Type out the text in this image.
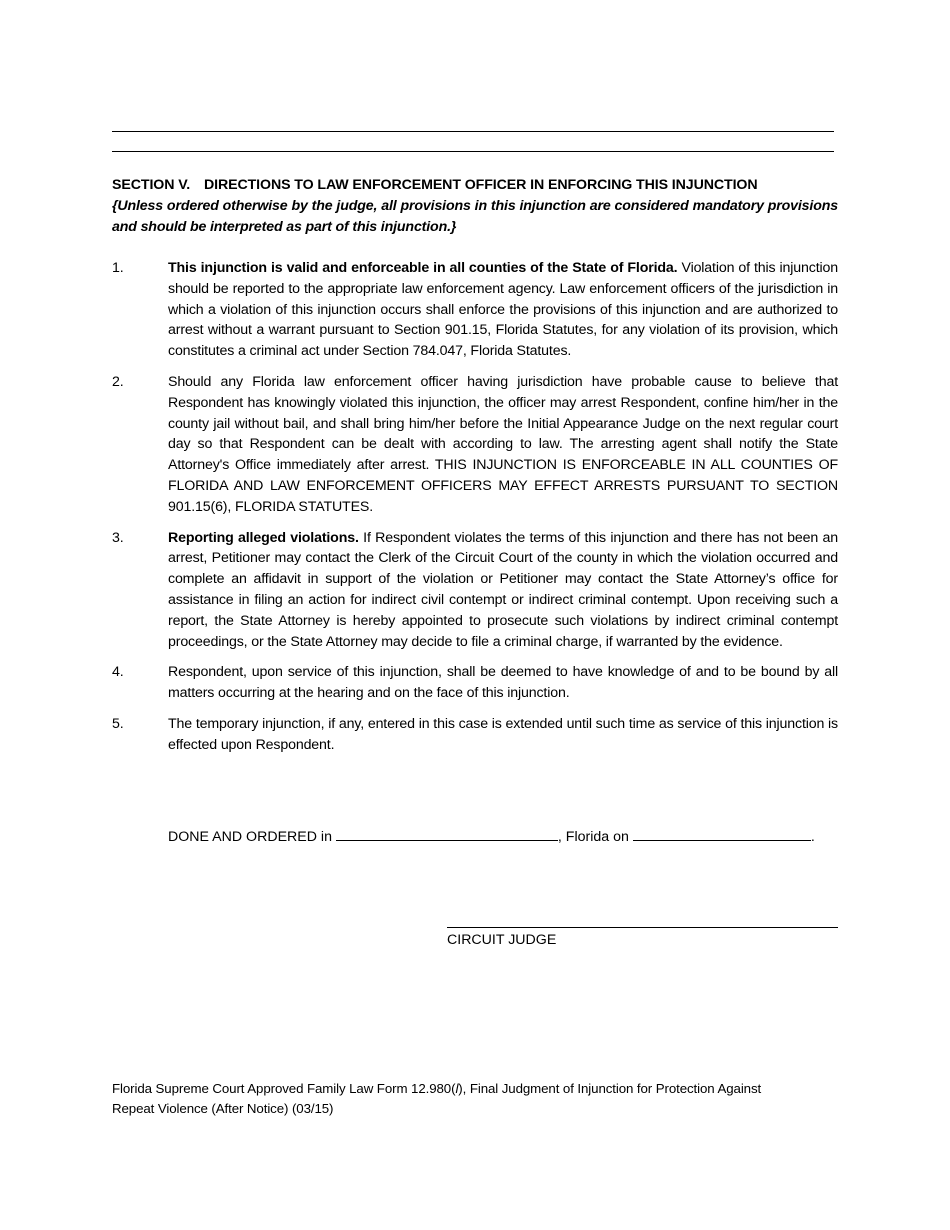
SECTION V. DIRECTIONS TO LAW ENFORCEMENT OFFICER IN ENFORCING THIS INJUNCTION
{Unless ordered otherwise by the judge, all provisions in this injunction are considered mandatory provisions and should be interpreted as part of this injunction.}
1.	This injunction is valid and enforceable in all counties of the State of Florida. Violation of this injunction should be reported to the appropriate law enforcement agency. Law enforcement officers of the jurisdiction in which a violation of this injunction occurs shall enforce the provisions of this injunction and are authorized to arrest without a warrant pursuant to Section 901.15, Florida Statutes, for any violation of its provision, which constitutes a criminal act under Section 784.047, Florida Statutes.
2.	Should any Florida law enforcement officer having jurisdiction have probable cause to believe that Respondent has knowingly violated this injunction, the officer may arrest Respondent, confine him/her in the county jail without bail, and shall bring him/her before the Initial Appearance Judge on the next regular court day so that Respondent can be dealt with according to law. The arresting agent shall notify the State Attorney's Office immediately after arrest. THIS INJUNCTION IS ENFORCEABLE IN ALL COUNTIES OF FLORIDA AND LAW ENFORCEMENT OFFICERS MAY EFFECT ARRESTS PURSUANT TO SECTION 901.15(6), FLORIDA STATUTES.
3.	Reporting alleged violations. If Respondent violates the terms of this injunction and there has not been an arrest, Petitioner may contact the Clerk of the Circuit Court of the county in which the violation occurred and complete an affidavit in support of the violation or Petitioner may contact the State Attorney’s office for assistance in filing an action for indirect civil contempt or indirect criminal contempt. Upon receiving such a report, the State Attorney is hereby appointed to prosecute such violations by indirect criminal contempt proceedings, or the State Attorney may decide to file a criminal charge, if warranted by the evidence.
4.	Respondent, upon service of this injunction, shall be deemed to have knowledge of and to be bound by all matters occurring at the hearing and on the face of this injunction.
5.	The temporary injunction, if any, entered in this case is extended until such time as service of this injunction is effected upon Respondent.
DONE AND ORDERED in	, Florida on	.
CIRCUIT JUDGE
Florida Supreme Court Approved Family Law Form 12.980(l), Final Judgment of Injunction for Protection Against
Repeat Violence (After Notice) (03/15)
